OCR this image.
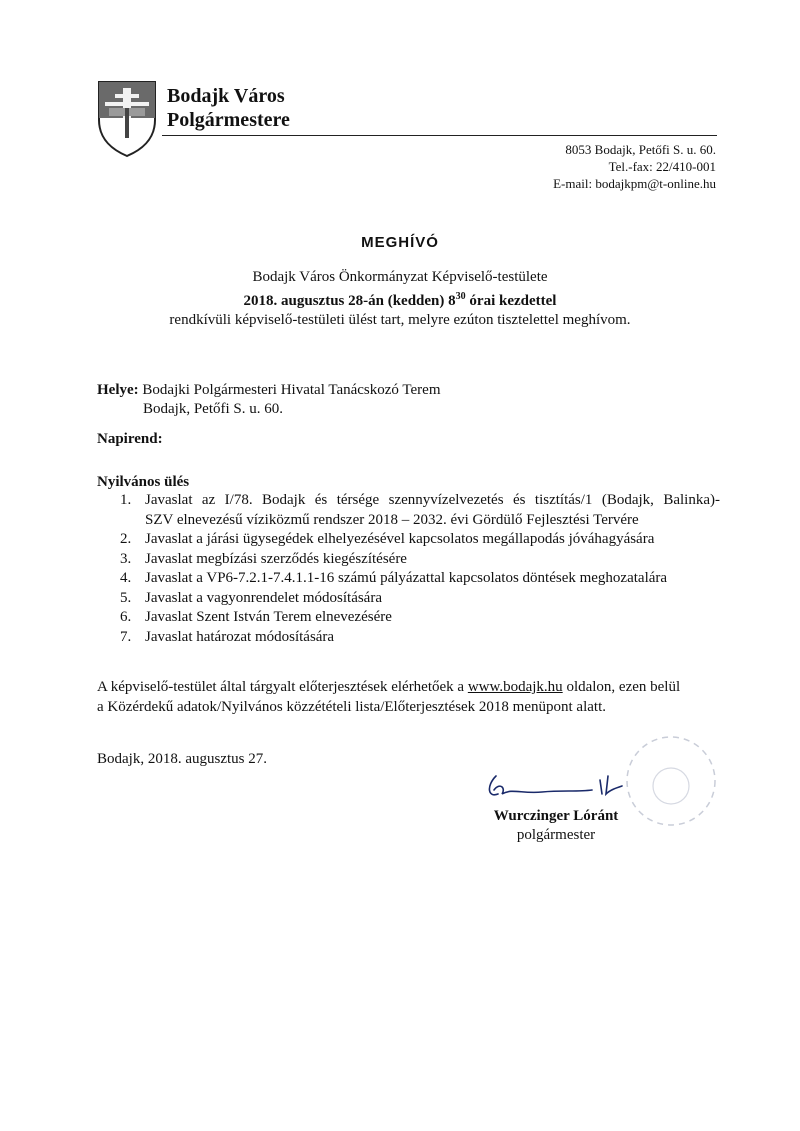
Bodajk Város
Polgármestere
8053 Bodajk, Petőfi S. u. 60.
Tel.-fax: 22/410-001
E-mail: bodajkpm@t-online.hu
MEGHÍVÓ
Bodajk Város Önkormányzat Képviselő-testülete
2018. augusztus 28-án (kedden) $8^{30}$ órai kezdettel
rendkívüli képviselő-testületi ülést tart, melyre ezúton tisztelettel meghívom.
Helye: Bodajki Polgármesteri Hivatal Tanácskozó Terem
Bodajk, Petőfi S. u. 60.
Napirend:
Nyilvános ülés
1. Javaslat az I/78. Bodajk és térsége szennyvízelvezetés és tisztítás/1 (Bodajk, Balinka)-
SZV elnevezésű víziközmű rendszer 2018 – 2032. évi Gördülő Fejlesztési Tervére
2. Javaslat a járási ügysegédek elhelyezésével kapcsolatos megállapodás jóváhagyására
3. Javaslat megbízási szerződés kiegészítésére
4. Javaslat a VP6-7.2.1-7.4.1.1-16 számú pályázattal kapcsolatos döntések meghozatalára
5. Javaslat a vagyonrendelet módosítására
6. Javaslat Szent István Terem elnevezésére
7. Javaslat határozat módosítására
A képviselő-testület által tárgyalt előterjesztések elérhetőek a www.bodajk.hu oldalon, ezen belül
a Közérdekű adatok/Nyilvános közzétételi lista/Előterjesztések 2018 menüpont alatt.
Bodajk, 2018. augusztus 27.
Wurczinger Lóránt
polgármester
